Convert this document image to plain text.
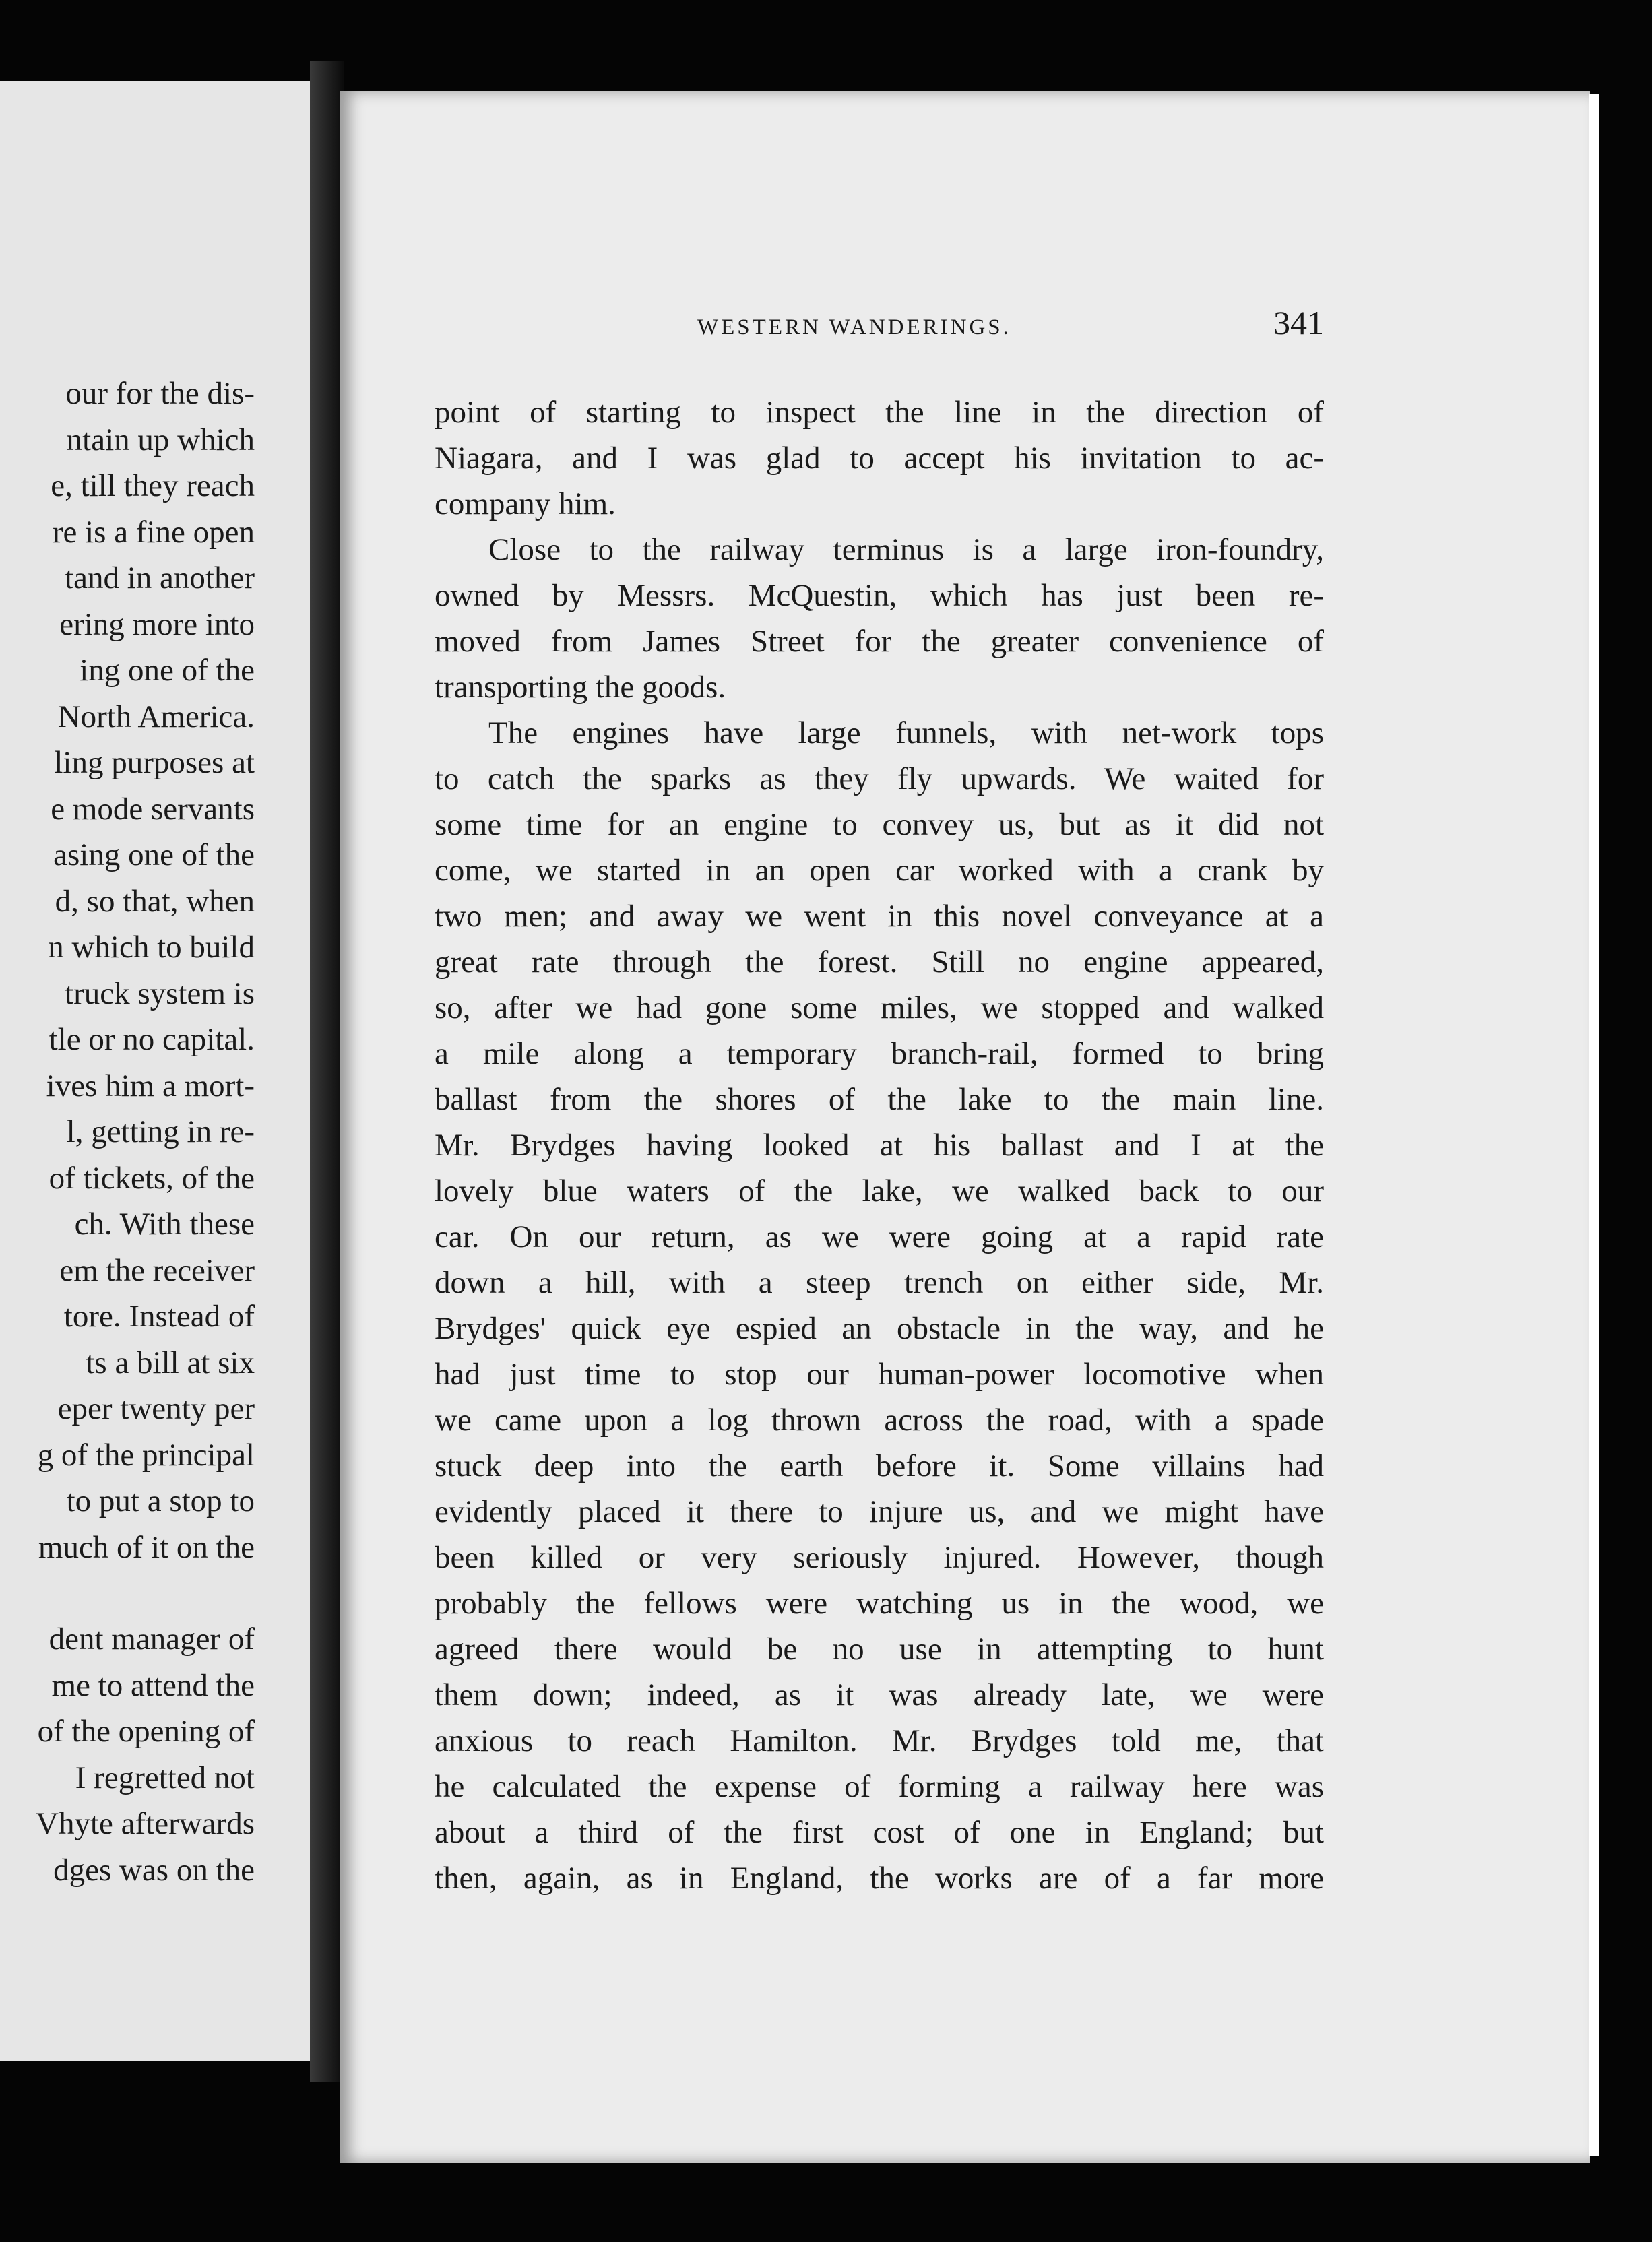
our for the dis-
ntain up which
e, till they reach
re is a fine open
tand in another
ering more into
ing one of the
North America.
ling purposes at
e mode servants
asing one of the
d, so that, when
n which to build
truck system is
tle or no capital.
ives him a mort-
l, getting in re-
of tickets, of the
ch. With these
em the receiver
tore. Instead of
ts a bill at six
eper twenty per
g of the principal
to put a stop to
much of it on the
dent manager of
me to attend the
of the opening of
I regretted not
Vhyte afterwards
dges was on the
WESTERN WANDERINGS.	341
point of starting to inspect the line in the direction of
Niagara, and I was glad to accept his invitation to ac-
company him.
Close to the railway terminus is a large iron-foundry,
owned by Messrs. McQuestin, which has just been re-
moved from James Street for the greater convenience of
transporting the goods.
The engines have large funnels, with net-work tops
to catch the sparks as they fly upwards. We waited for
some time for an engine to convey us, but as it did not
come, we started in an open car worked with a crank by
two men; and away we went in this novel conveyance at a
great rate through the forest. Still no engine appeared,
so, after we had gone some miles, we stopped and walked
a mile along a temporary branch-rail, formed to bring
ballast from the shores of the lake to the main line.
Mr. Brydges having looked at his ballast and I at the
lovely blue waters of the lake, we walked back to our
car. On our return, as we were going at a rapid rate
down a hill, with a steep trench on either side, Mr.
Brydges' quick eye espied an obstacle in the way, and he
had just time to stop our human-power locomotive when
we came upon a log thrown across the road, with a spade
stuck deep into the earth before it. Some villains had
evidently placed it there to injure us, and we might have
been killed or very seriously injured. However, though
probably the fellows were watching us in the wood, we
agreed there would be no use in attempting to hunt
them down; indeed, as it was already late, we were
anxious to reach Hamilton. Mr. Brydges told me, that
he calculated the expense of forming a railway here was
about a third of the first cost of one in England; but
then, again, as in England, the works are of a far more
